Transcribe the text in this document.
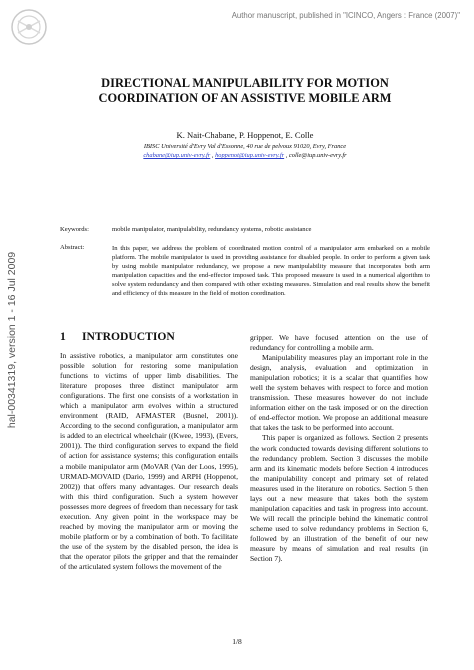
Author manuscript, published in "ICINCO, Angers : France (2007)"
hal-00341319, version 1 - 16 Jul 2009
DIRECTIONAL MANIPULABILITY FOR MOTION
COORDINATION OF AN ASSISTIVE MOBILE ARM
K. Nait-Chabane, P. Hoppenot, E. Colle
IBISC Université d'Evry Val d'Essonne, 40 rue de pelvoux 91020, Evry, France
chabane@iup.univ-evry.fr , hoppenot@iup.univ-evry.fr , colle@iup.univ-evry.fr
Keywords:	mobile manipulator, manipulability, redundancy systems, robotic assistance
Abstract:	In this paper, we address the problem of coordinated motion control of a manipulator arm embarked on a mobile platform. The mobile manipulator is used in providing assistance for disabled people. In order to perform a given task by using mobile manipulator redundancy, we propose a new manipulability measure that incorporates both arm manipulation capacities and the end-effector imposed task. This proposed measure is used in a numerical algorithm to solve system redundancy and then compared with other existing measures. Simulation and real results show the benefit and efficiency of this measure in the field of motion coordination.
1 INTRODUCTION

In assistive robotics, a manipulator arm constitutes one possible solution for restoring some manipulation functions to victims of upper limb disabilities. The literature proposes three distinct manipulator arm configurations. The first one consists of a workstation in which a manipulator arm evolves within a structured environment (RAID, AFMASTER (Busnel, 2001)). According to the second configuration, a manipulator arm is added to an electrical wheelchair ((Kwee, 1993), (Evers, 2001)). The third configuration serves to expand the field of action for assistance systems; this configuration entails a mobile manipulator arm (MoVAR (Van der Loos, 1995), URMAD-MOVAID (Dario, 1999) and ARPH (Hoppenot, 2002)) that offers many advantages. Our research deals with this third configuration. Such a system however possesses more degrees of freedom than necessary for task execution. Any given point in the workspace may be reached by moving the manipulator arm or moving the mobile platform or by a combination of both. To facilitate the use of the system by the disabled person, the idea is that the operator pilots the gripper and that the remainder of the articulated system follows the movement of the

gripper. We have focused attention on the use of redundancy for controlling a mobile arm.

Manipulability measures play an important role in the design, analysis, evaluation and optimization in manipulation robotics; it is a scalar that quantifies how well the system behaves with respect to force and motion transmission. These measures however do not include information either on the task imposed or on the direction of end-effector motion. We propose an additional measure that takes the task to be performed into account.

This paper is organized as follows. Section 2 presents the work conducted towards devising different solutions to the redundancy problem. Section 3 discusses the mobile arm and its kinematic models before Section 4 introduces the manipulability concept and primary set of related measures used in the literature on robotics. Section 5 then lays out a new measure that takes both the system manipulation capacities and task in progress into account. We will recall the principle behind the kinematic control scheme used to solve redundancy problems in Section 6, followed by an illustration of the benefit of our new measure by means of simulation and real results (in Section 7).

1/8
